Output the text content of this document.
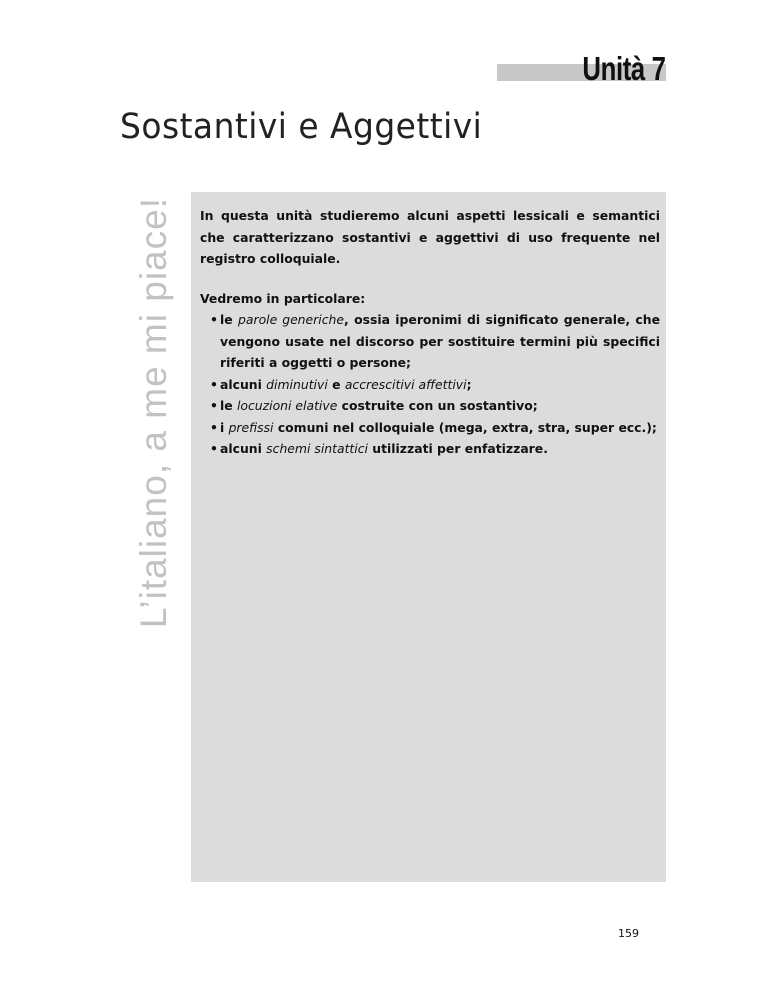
Unità 7
Sostantivi e Aggettivi
L’italiano, a me mi piace!	In questa unità studieremo alcuni aspetti lessicali e semantici che caratterizzano sostantivi e aggettivi di uso frequente nel registro colloquiale.

Vedremo in particolare:

• le parole generiche, ossia iperonimi di significato generale, che vengono usate nel discorso per sostituire termini più specifici riferiti a oggetti o persone;
• alcuni diminutivi e accrescitivi affettivi;
• le locuzioni elative costruite con un sostantivo;
• i prefissi comuni nel colloquiale (mega, extra, stra, super ecc.);
• alcuni schemi sintattici utilizzati per enfatizzare.
159
